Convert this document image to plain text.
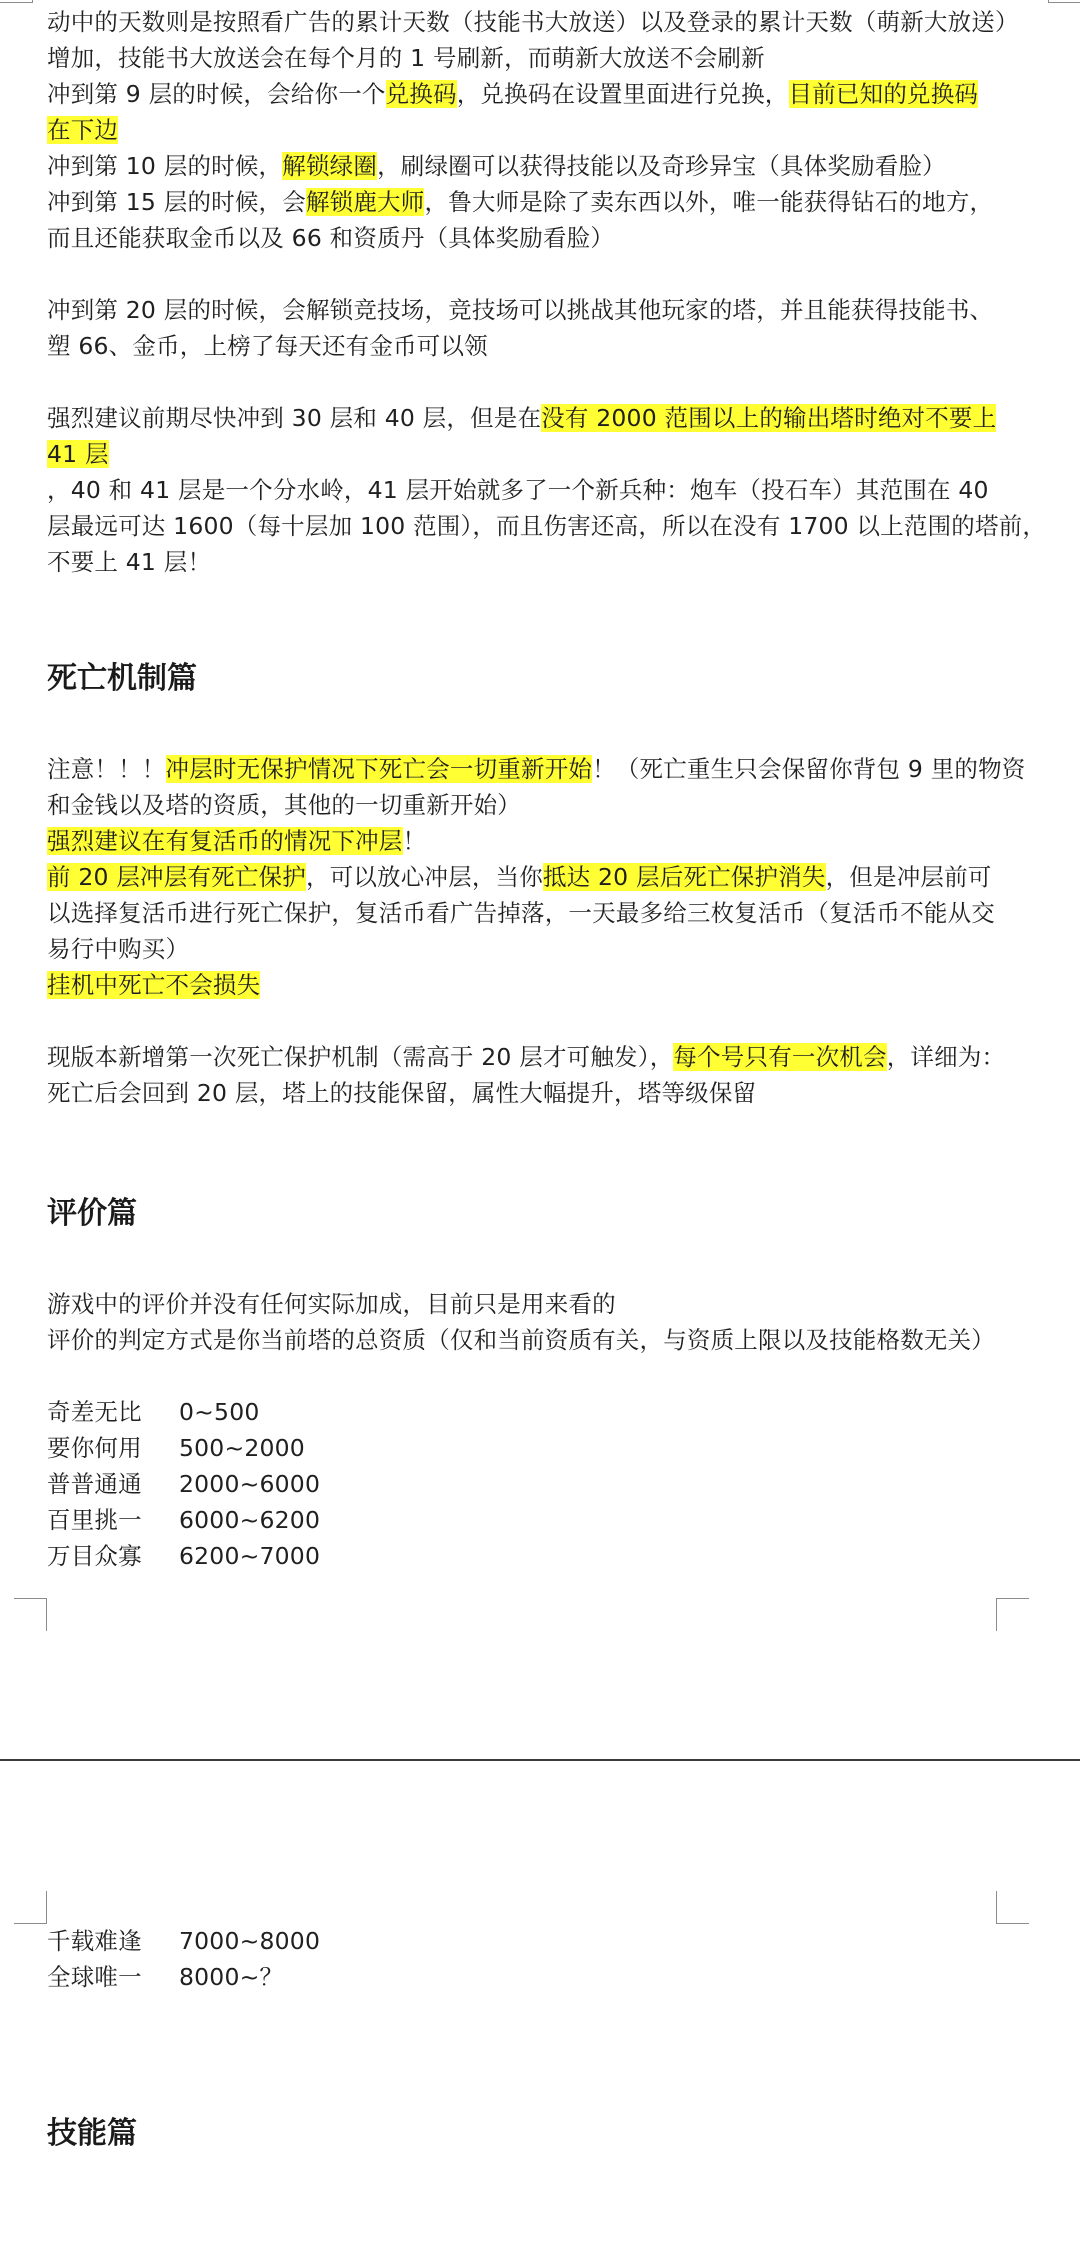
动中的天数则是按照看广告的累计天数（技能书大放送）以及登录的累计天数（萌新大放送）
增加，技能书大放送会在每个月的 1 号刷新，而萌新大放送不会刷新
冲到第 9 层的时候，会给你一个兑换码，兑换码在设置里面进行兑换，目前已知的兑换码
在下边
冲到第 10 层的时候，解锁绿圈，刷绿圈可以获得技能以及奇珍异宝（具体奖励看脸）
冲到第 15 层的时候，会解锁鹿大师，鲁大师是除了卖东西以外，唯一能获得钻石的地方，
而且还能获取金币以及 66 和资质丹（具体奖励看脸）
冲到第 20 层的时候，会解锁竞技场，竞技场可以挑战其他玩家的塔，并且能获得技能书、
塑 66、金币，上榜了每天还有金币可以领
强烈建议前期尽快冲到 30 层和 40 层，但是在没有 2000 范围以上的输出塔时绝对不要上
41 层
，40 和 41 层是一个分水岭，41 层开始就多了一个新兵种：炮车（投石车）其范围在 40
层最远可达 1600（每十层加 100 范围），而且伤害还高，所以在没有 1700 以上范围的塔前，
不要上 41 层！
死亡机制篇
注意！！！冲层时无保护情况下死亡会一切重新开始！（死亡重生只会保留你背包 9 里的物资
和金钱以及塔的资质，其他的一切重新开始）
强烈建议在有复活币的情况下冲层！
前 20 层冲层有死亡保护，可以放心冲层，当你抵达 20 层后死亡保护消失，但是冲层前可
以选择复活币进行死亡保护，复活币看广告掉落，一天最多给三枚复活币（复活币不能从交
易行中购买）
挂机中死亡不会损失
现版本新增第一次死亡保护机制（需高于 20 层才可触发），每个号只有一次机会，详细为：
死亡后会回到 20 层，塔上的技能保留，属性大幅提升，塔等级保留
评价篇
游戏中的评价并没有任何实际加成，目前只是用来看的
评价的判定方式是你当前塔的总资质（仅和当前资质有关，与资质上限以及技能格数无关）
奇差无比 0~500
要你何用 500~2000
普普通通 2000~6000
百里挑一 6000~6200
万目众寡 6200~7000
千载难逢 7000~8000
全球唯一 8000~？
技能篇
